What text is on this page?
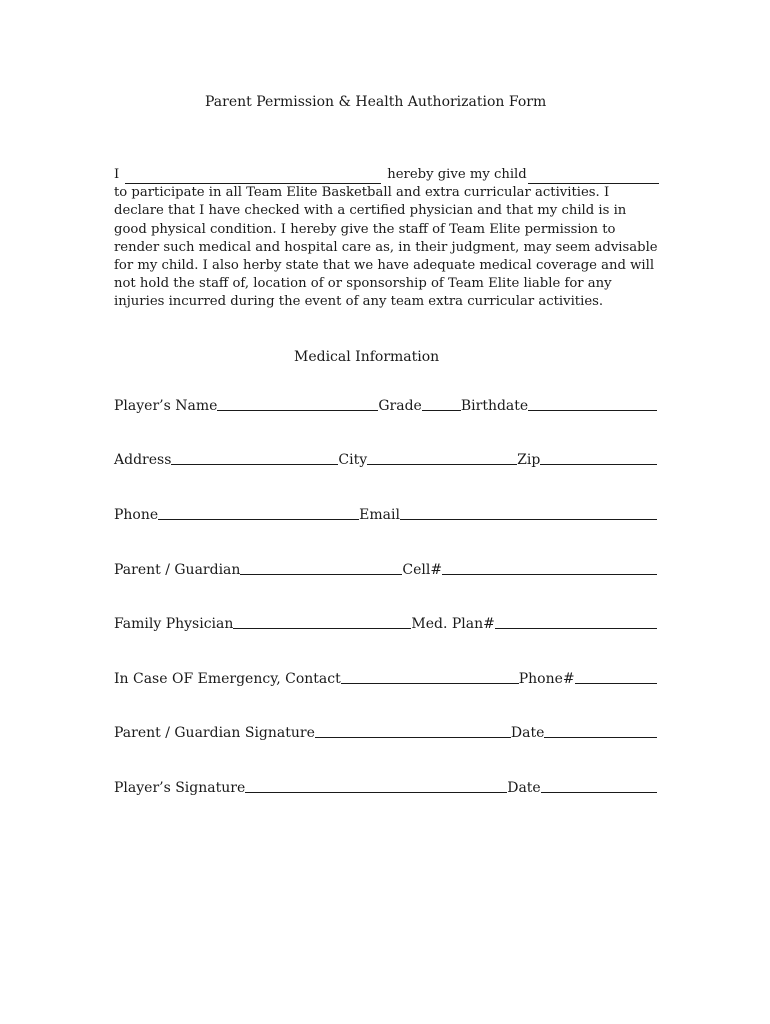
Parent Permission & Health Authorization Form
I	hereby give my child
to participate in all Team Elite Basketball and extra curricular activities. I declare that I have checked with a certified physician and that my child is in good physical condition. I hereby give the staff of Team Elite permission to render such medical and hospital care as, in their judgment, may seem advisable for my child. I also herby state that we have adequate medical coverage and will not hold the staff of, location of or sponsorship of Team Elite liable for any injuries incurred during the event of any team extra curricular activities.
Medical Information
Player’s Name	Grade	Birthdate
Address	City	Zip
Phone	Email
Parent / Guardian	Cell#
Family Physician	Med. Plan#
In Case OF Emergency, Contact	Phone#
Parent / Guardian Signature	Date
Player’s Signature	Date
